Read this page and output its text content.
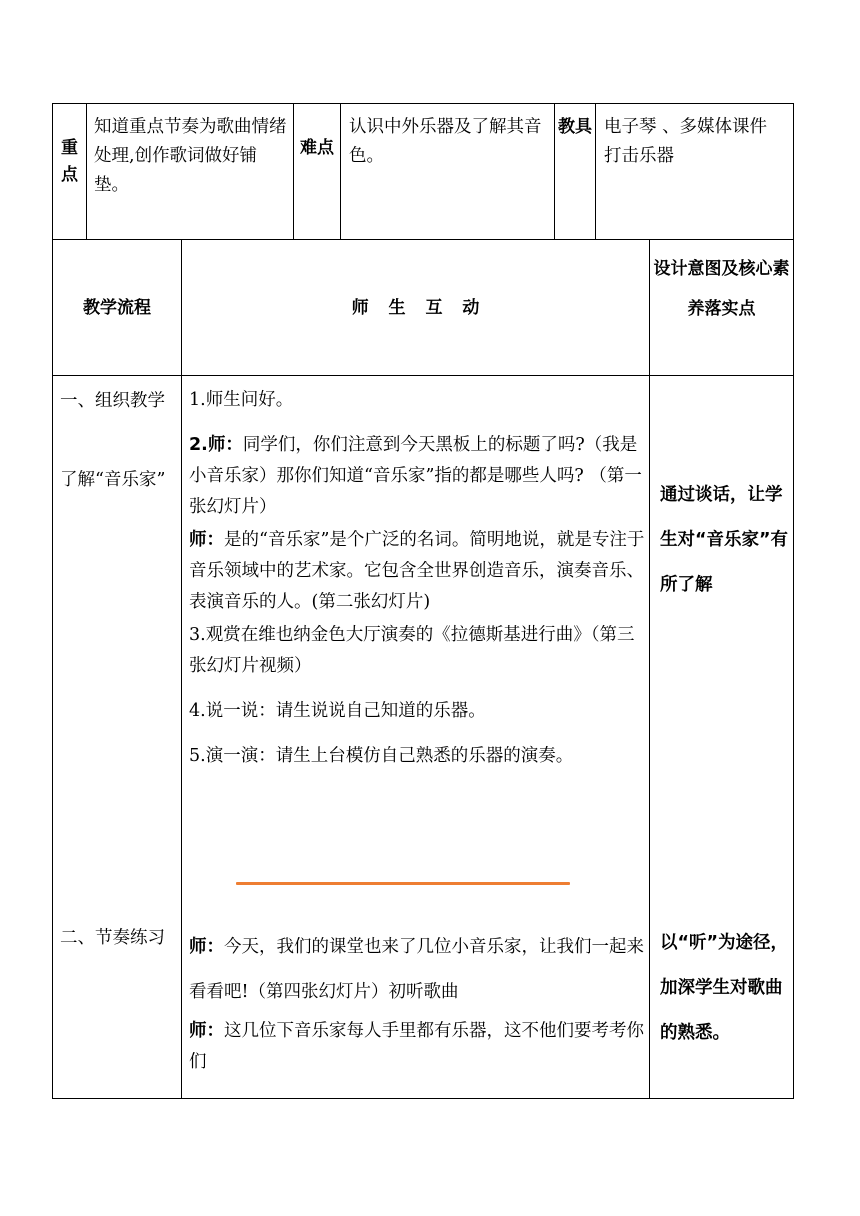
重点
知道重点节奏为歌曲情绪处理,创作歌词做好铺垫。
难点
认识中外乐器及了解其音色。
教具 电子琴 、多媒体课件
打击乐器
教学流程	师 生 互 动
设计意图及核心素养落实点
一、组织教学
了解“音乐家”

1.师生问好。

2.师：同学们，你们注意到今天黑板上的标题了吗?（我是小音乐家）那你们知道“音乐家”指的都是哪些人吗? （第一张幻灯片）

师：是的“音乐家”是个广泛的名词。简明地说，就是专注于音乐领域中的艺术家。它包含全世界创造音乐，演奏音乐、表演音乐的人。(第二张幻灯片)

3.观赏在维也纳金色大厅演奏的《拉德斯基进行曲》（第三张幻灯片视频）

4.说一说：请生说说自己知道的乐器。

5.演一演：请生上台模仿自己熟悉的乐器的演奏。

通过谈话，让学生对“音乐家”有所了解
二、节奏练习	师：今天，我们的课堂也来了几位小音乐家，让我们一起来看看吧!（第四张幻灯片）初听歌曲

师：这几位下音乐家每人手里都有乐器，这不他们要考考你们

以“听”为途径，加深学生对歌曲的熟悉。
